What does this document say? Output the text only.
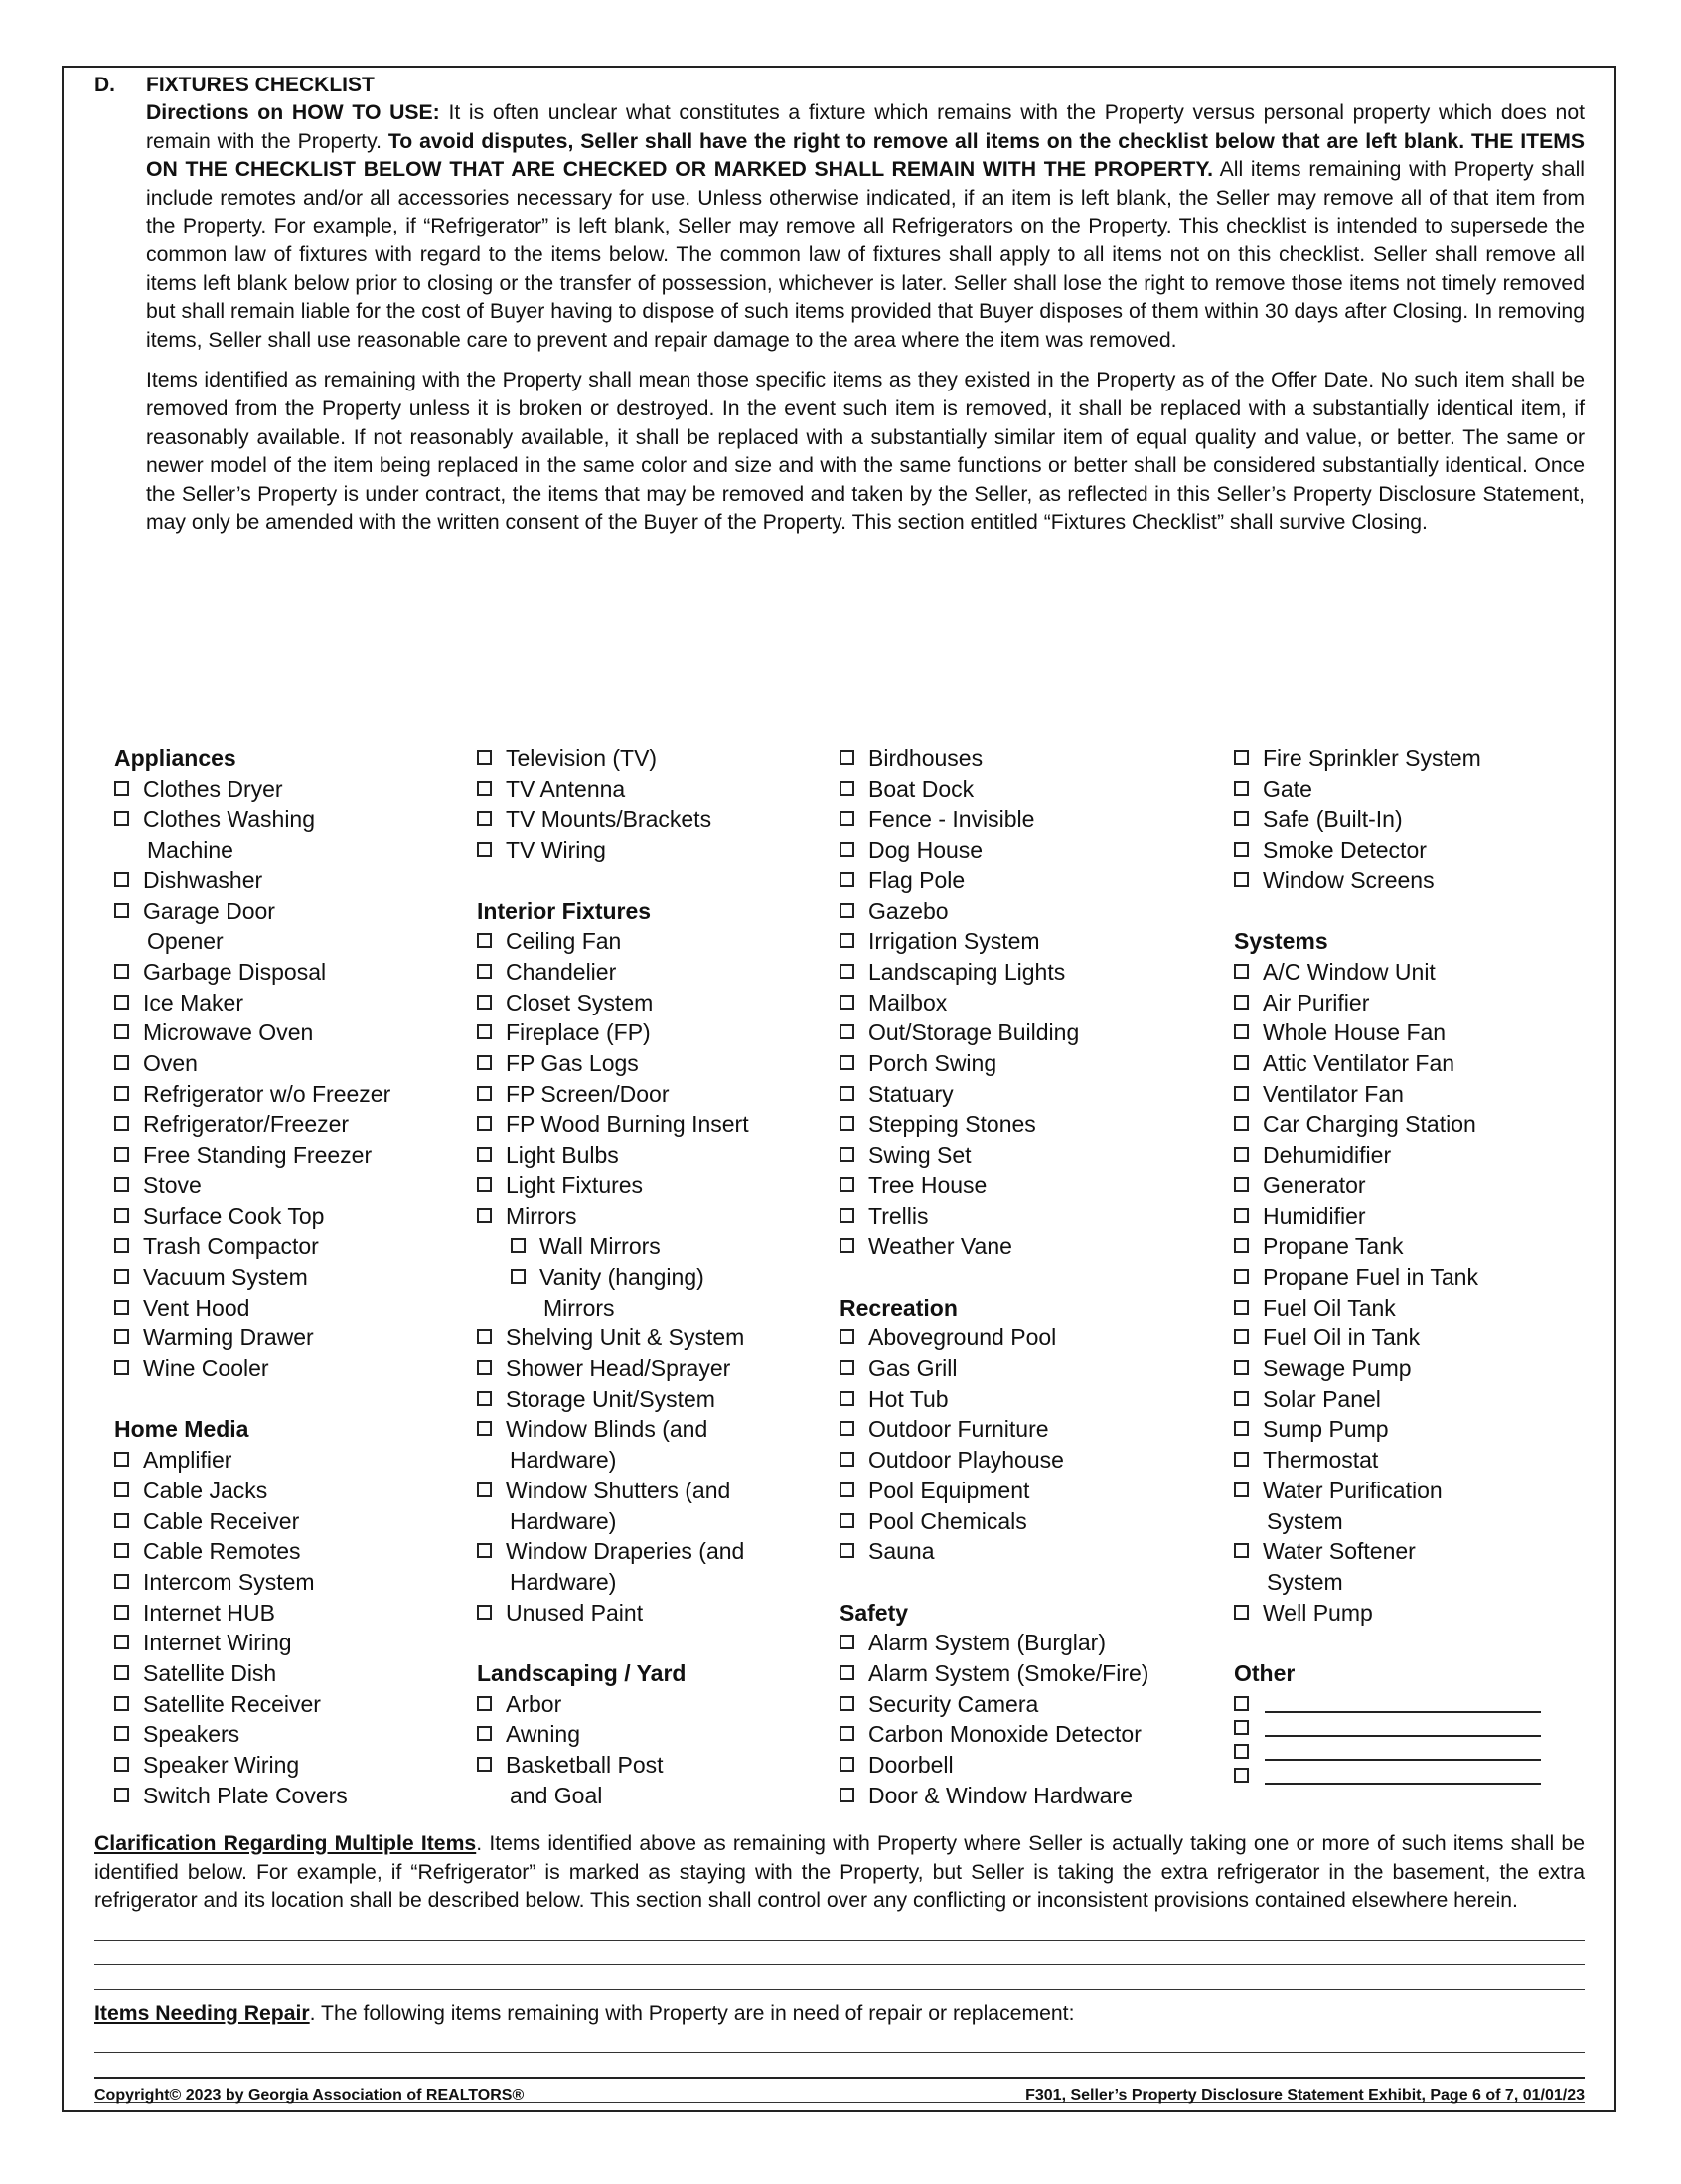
D.	FIXTURES CHECKLIST
Directions on HOW TO USE: It is often unclear what constitutes a fixture which remains with the Property versus personal property which does not remain with the Property. To avoid disputes, Seller shall have the right to remove all items on the checklist below that are left blank. THE ITEMS ON THE CHECKLIST BELOW THAT ARE CHECKED OR MARKED SHALL REMAIN WITH THE PROPERTY. All items remaining with Property shall include remotes and/or all accessories necessary for use. Unless otherwise indicated, if an item is left blank, the Seller may remove all of that item from the Property. For example, if “Refrigerator” is left blank, Seller may remove all Refrigerators on the Property. This checklist is intended to supersede the common law of fixtures with regard to the items below. The common law of fixtures shall apply to all items not on this checklist. Seller shall remove all items left blank below prior to closing or the transfer of possession, whichever is later. Seller shall lose the right to remove those items not timely removed but shall remain liable for the cost of Buyer having to dispose of such items provided that Buyer disposes of them within 30 days after Closing. In removing items, Seller shall use reasonable care to prevent and repair damage to the area where the item was removed.
Items identified as remaining with the Property shall mean those specific items as they existed in the Property as of the Offer Date. No such item shall be removed from the Property unless it is broken or destroyed. In the event such item is removed, it shall be replaced with a substantially identical item, if reasonably available. If not reasonably available, it shall be replaced with a substantially similar item of equal quality and value, or better. The same or newer model of the item being replaced in the same color and size and with the same functions or better shall be considered substantially identical. Once the Seller’s Property is under contract, the items that may be removed and taken by the Seller, as reflected in this Seller’s Property Disclosure Statement, may only be amended with the written consent of the Buyer of the Property. This section entitled “Fixtures Checklist” shall survive Closing.
Appliances
Clothes Dryer
Clothes Washing
Machine
Dishwasher
Garage Door
Opener
Garbage Disposal
Ice Maker
Microwave Oven
Oven
Refrigerator w/o Freezer
Refrigerator/Freezer
Free Standing Freezer
Stove
Surface Cook Top
Trash Compactor
Vacuum System
Vent Hood
Warming Drawer
Wine Cooler
Home Media
Amplifier
Cable Jacks
Cable Receiver
Cable Remotes
Intercom System
Internet HUB
Internet Wiring
Satellite Dish
Satellite Receiver
Speakers
Speaker Wiring
Switch Plate Covers
Television (TV)
TV Antenna
TV Mounts/Brackets
TV Wiring
Interior Fixtures
Ceiling Fan
Chandelier
Closet System
Fireplace (FP)
FP Gas Logs
FP Screen/Door
FP Wood Burning Insert
Light Bulbs
Light Fixtures
Mirrors
Wall Mirrors
Vanity (hanging)
Mirrors
Shelving Unit & System
Shower Head/Sprayer
Storage Unit/System
Window Blinds (and
Hardware)
Window Shutters (and
Hardware)
Window Draperies (and
Hardware)
Unused Paint
Landscaping / Yard
Arbor
Awning
Basketball Post
and Goal
Birdhouses
Boat Dock
Fence - Invisible
Dog House
Flag Pole
Gazebo
Irrigation System
Landscaping Lights
Mailbox
Out/Storage Building
Porch Swing
Statuary
Stepping Stones
Swing Set
Tree House
Trellis
Weather Vane
Recreation
Aboveground Pool
Gas Grill
Hot Tub
Outdoor Furniture
Outdoor Playhouse
Pool Equipment
Pool Chemicals
Sauna
Safety
Alarm System (Burglar)
Alarm System (Smoke/Fire)
Security Camera
Carbon Monoxide Detector
Doorbell
Door & Window Hardware
Fire Sprinkler System
Gate
Safe (Built-In)
Smoke Detector
Window Screens
Systems
A/C Window Unit
Air Purifier
Whole House Fan
Attic Ventilator Fan
Ventilator Fan
Car Charging Station
Dehumidifier
Generator
Humidifier
Propane Tank
Propane Fuel in Tank
Fuel Oil Tank
Fuel Oil in Tank
Sewage Pump
Solar Panel
Sump Pump
Thermostat
Water Purification
System
Water Softener
System
Well Pump
Other
Clarification Regarding Multiple Items. Items identified above as remaining with Property where Seller is actually taking one or more of such items shall be identified below. For example, if “Refrigerator” is marked as staying with the Property, but Seller is taking the extra refrigerator in the basement, the extra refrigerator and its location shall be described below. This section shall control over any conflicting or inconsistent provisions contained elsewhere herein.
Items Needing Repair. The following items remaining with Property are in need of repair or replacement:
Copyright© 2023 by Georgia Association of REALTORS®	F301, Seller’s Property Disclosure Statement Exhibit, Page 6 of 7, 01/01/23
